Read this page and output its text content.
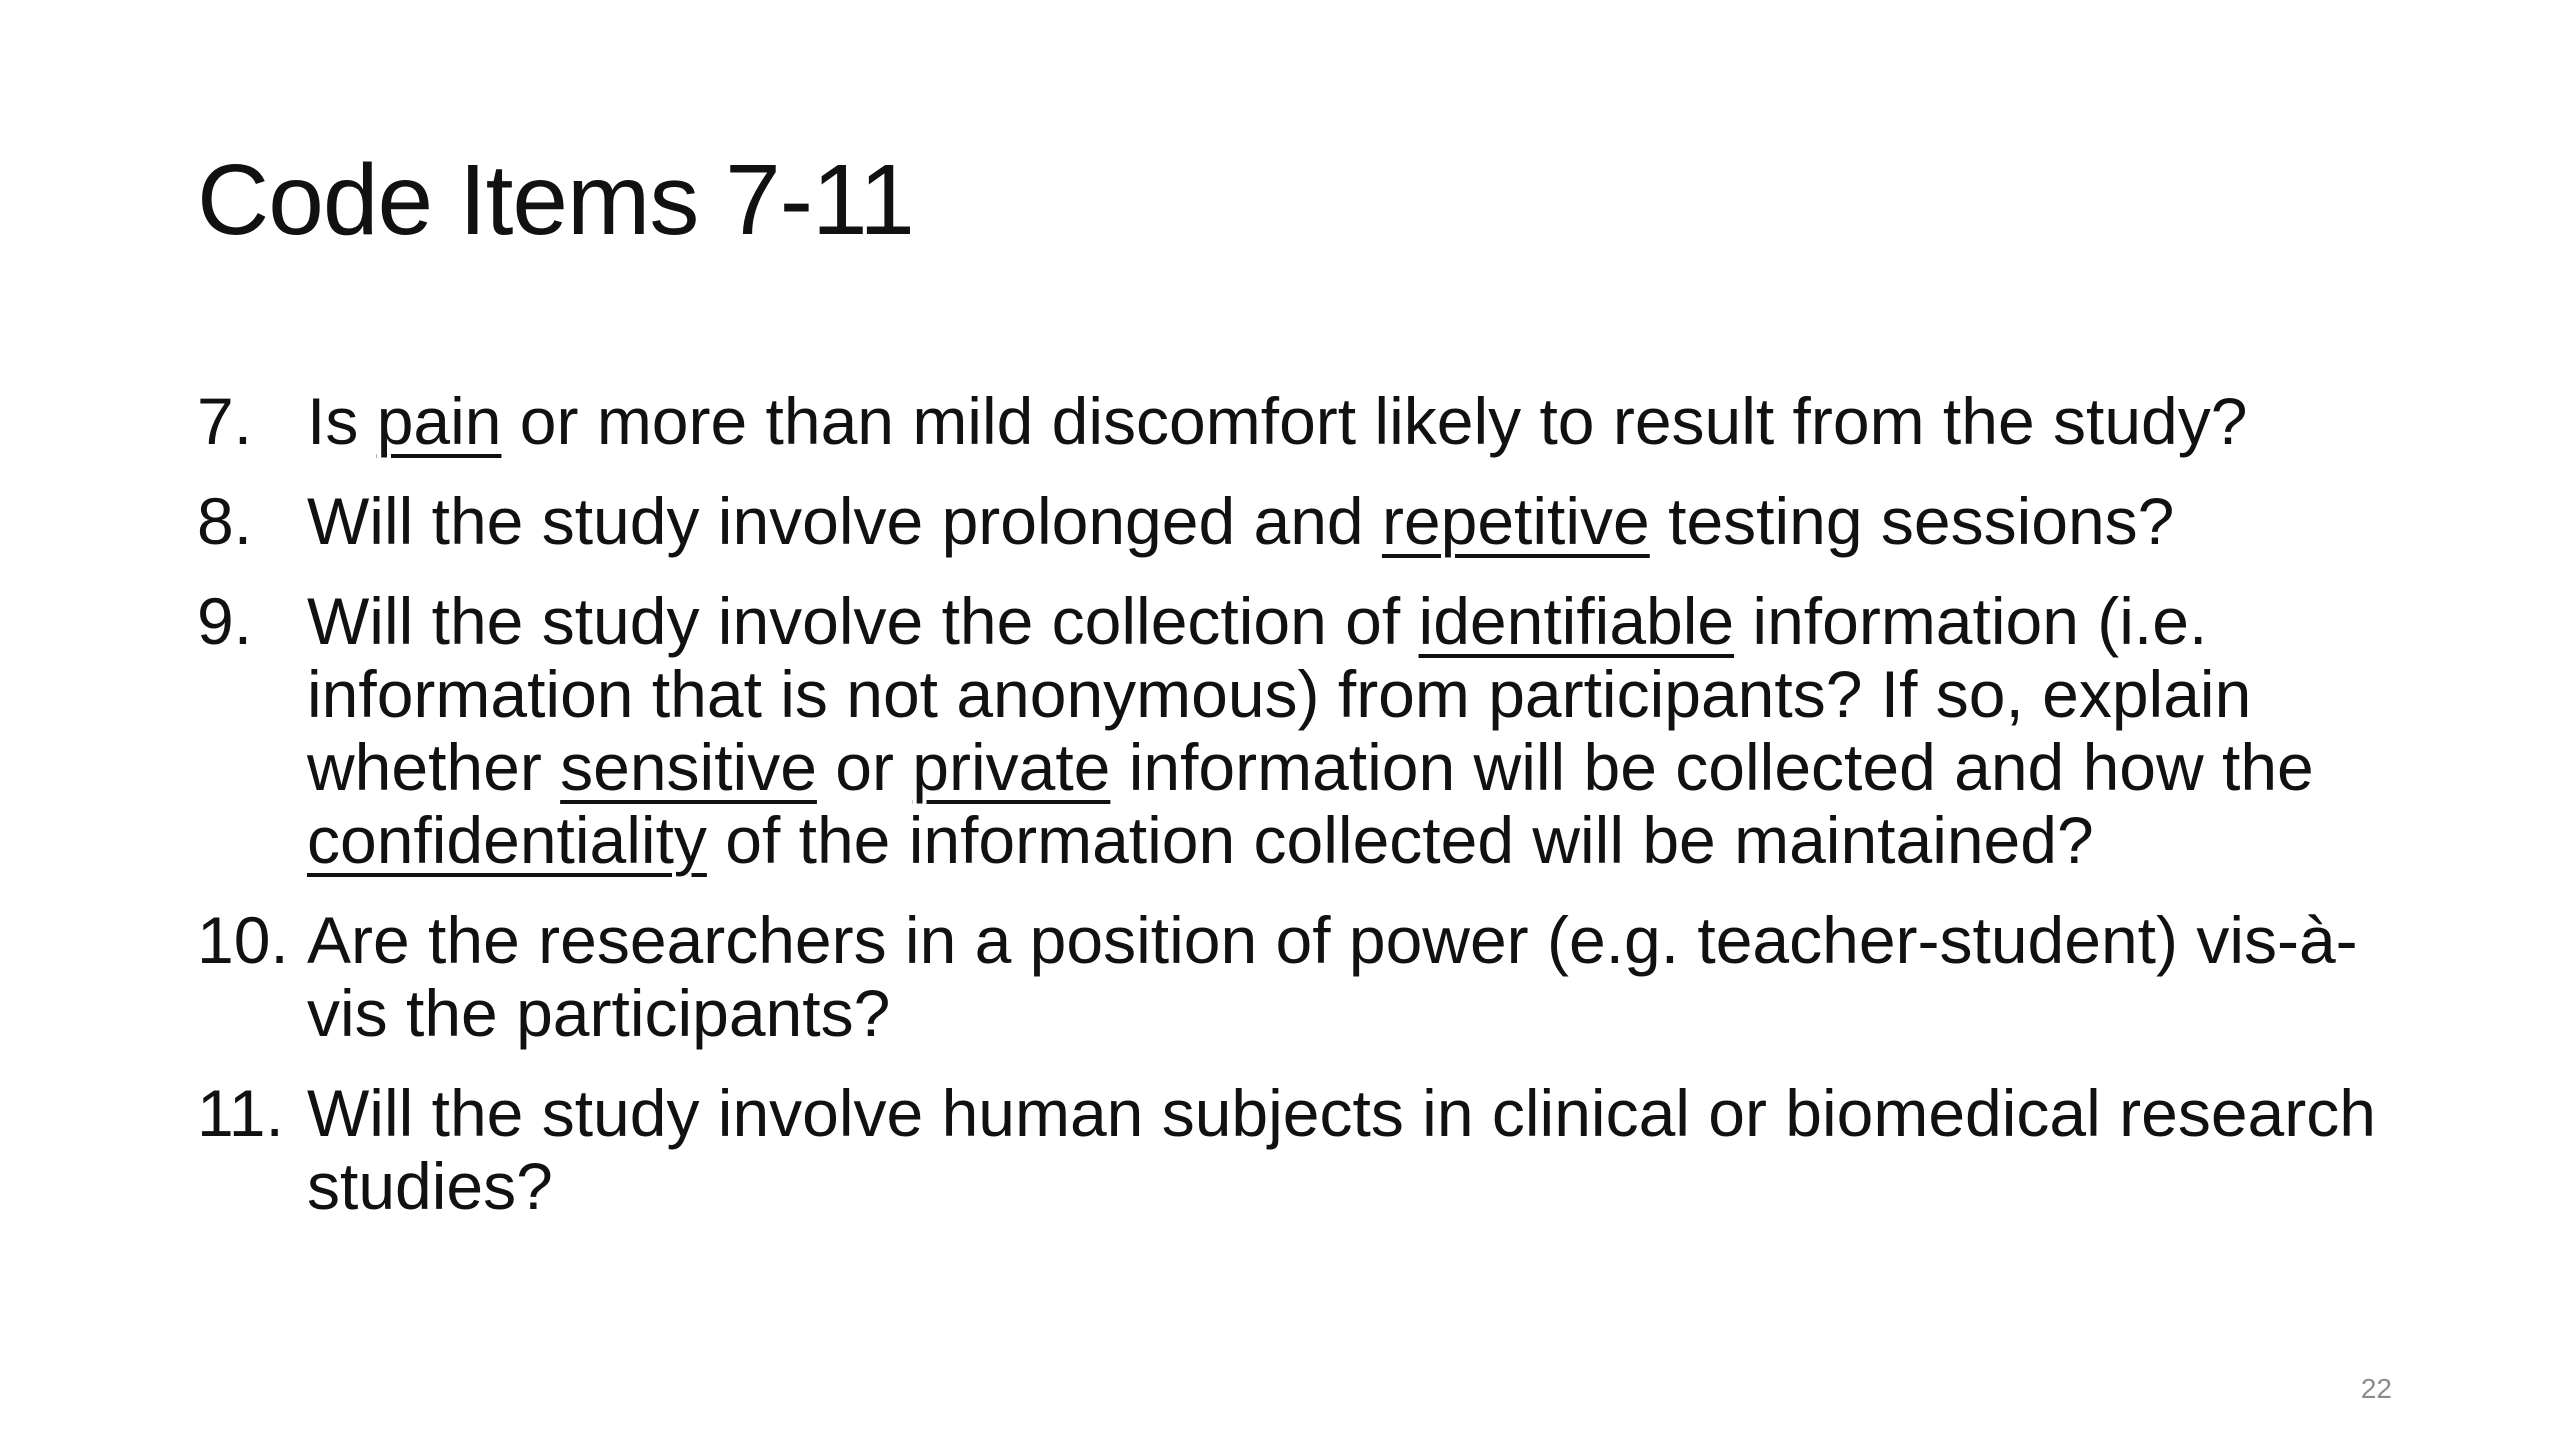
Code Items 7-11
7. Is pain or more than mild discomfort likely to result from the study?
8. Will the study involve prolonged and repetitive testing sessions?
9. Will the study involve the collection of identifiable information (i.e. information that is not anonymous) from participants? If so, explain whether sensitive or private information will be collected and how the confidentiality of the information collected will be maintained?
10. Are the researchers in a position of power (e.g. teacher-student) vis-à-vis the participants?
11. Will the study involve human subjects in clinical or biomedical research studies?
22
